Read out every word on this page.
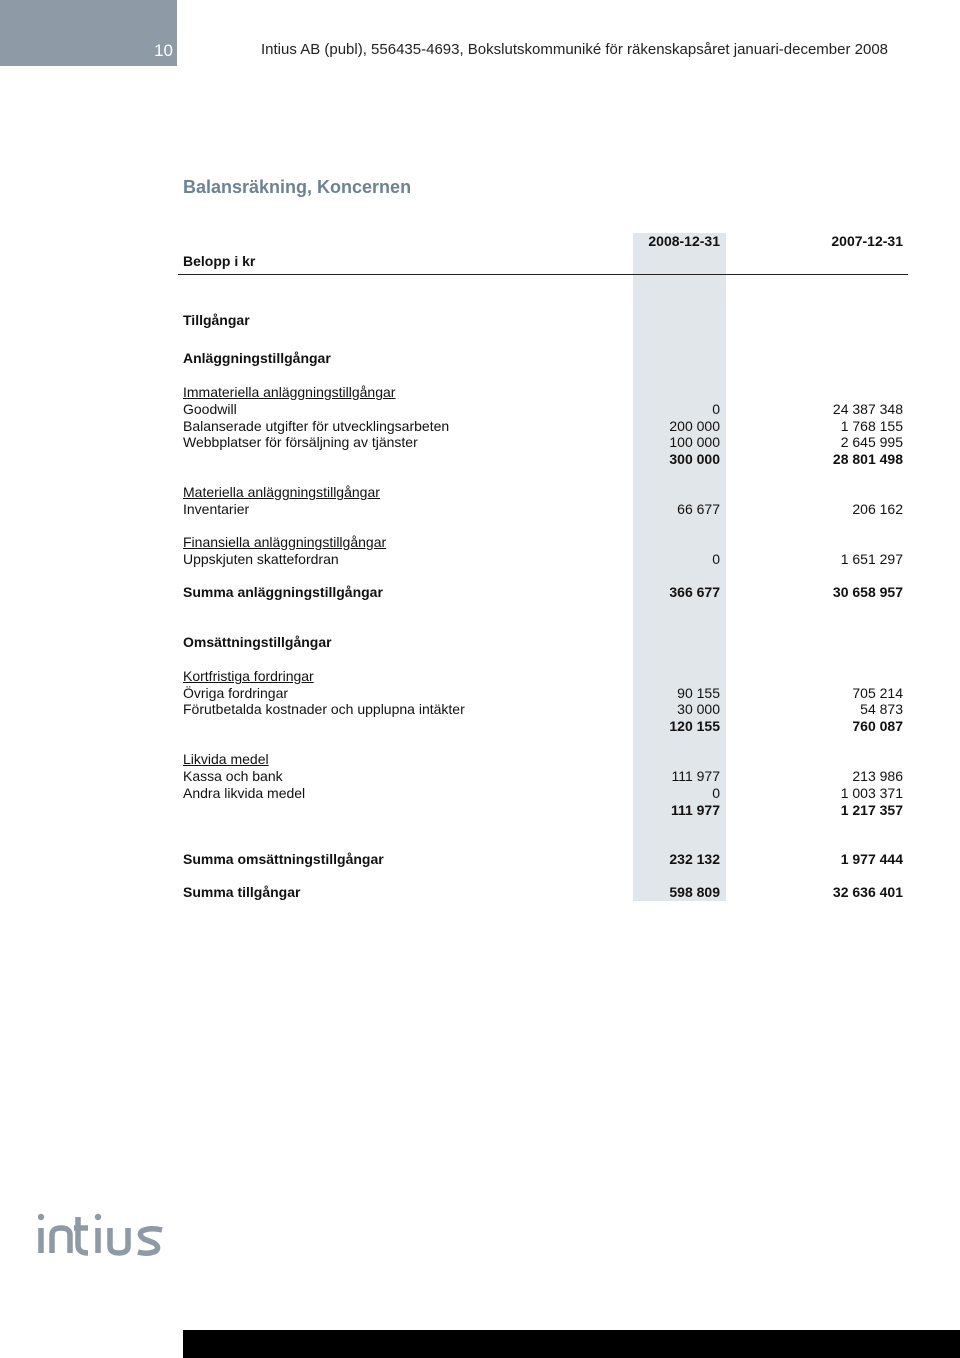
10	Intius AB (publ), 556435-4693, Bokslutskommuniké för räkenskapsåret januari-december 2008
Balansräkning, Koncernen
2008-12-31	2007-12-31
Belopp i kr
Tillgångar
Anläggningstillgångar
Immateriella anläggningstillgångar
Goodwill	0	24 387 348
Balanserade utgifter för utvecklingsarbeten	200 000	1 768 155
Webbplatser för försäljning av tjänster	100 000	2 645 995
300 000	28 801 498
Materiella anläggningstillgångar
Inventarier	66 677	206 162
Finansiella anläggningstillgångar
Uppskjuten skattefordran	0	1 651 297
Summa anläggningstillgångar	366 677	30 658 957
Omsättningstillgångar
Kortfristiga fordringar
Övriga fordringar	90 155	705 214
Förutbetalda kostnader och upplupna intäkter	30 000	54 873
120 155	760 087
Likvida medel
Kassa och bank	111 977	213 986
Andra likvida medel	0	1 003 371
111 977	1 217 357
Summa omsättningstillgångar	232 132	1 977 444
Summa tillgångar	598 809	32 636 401
